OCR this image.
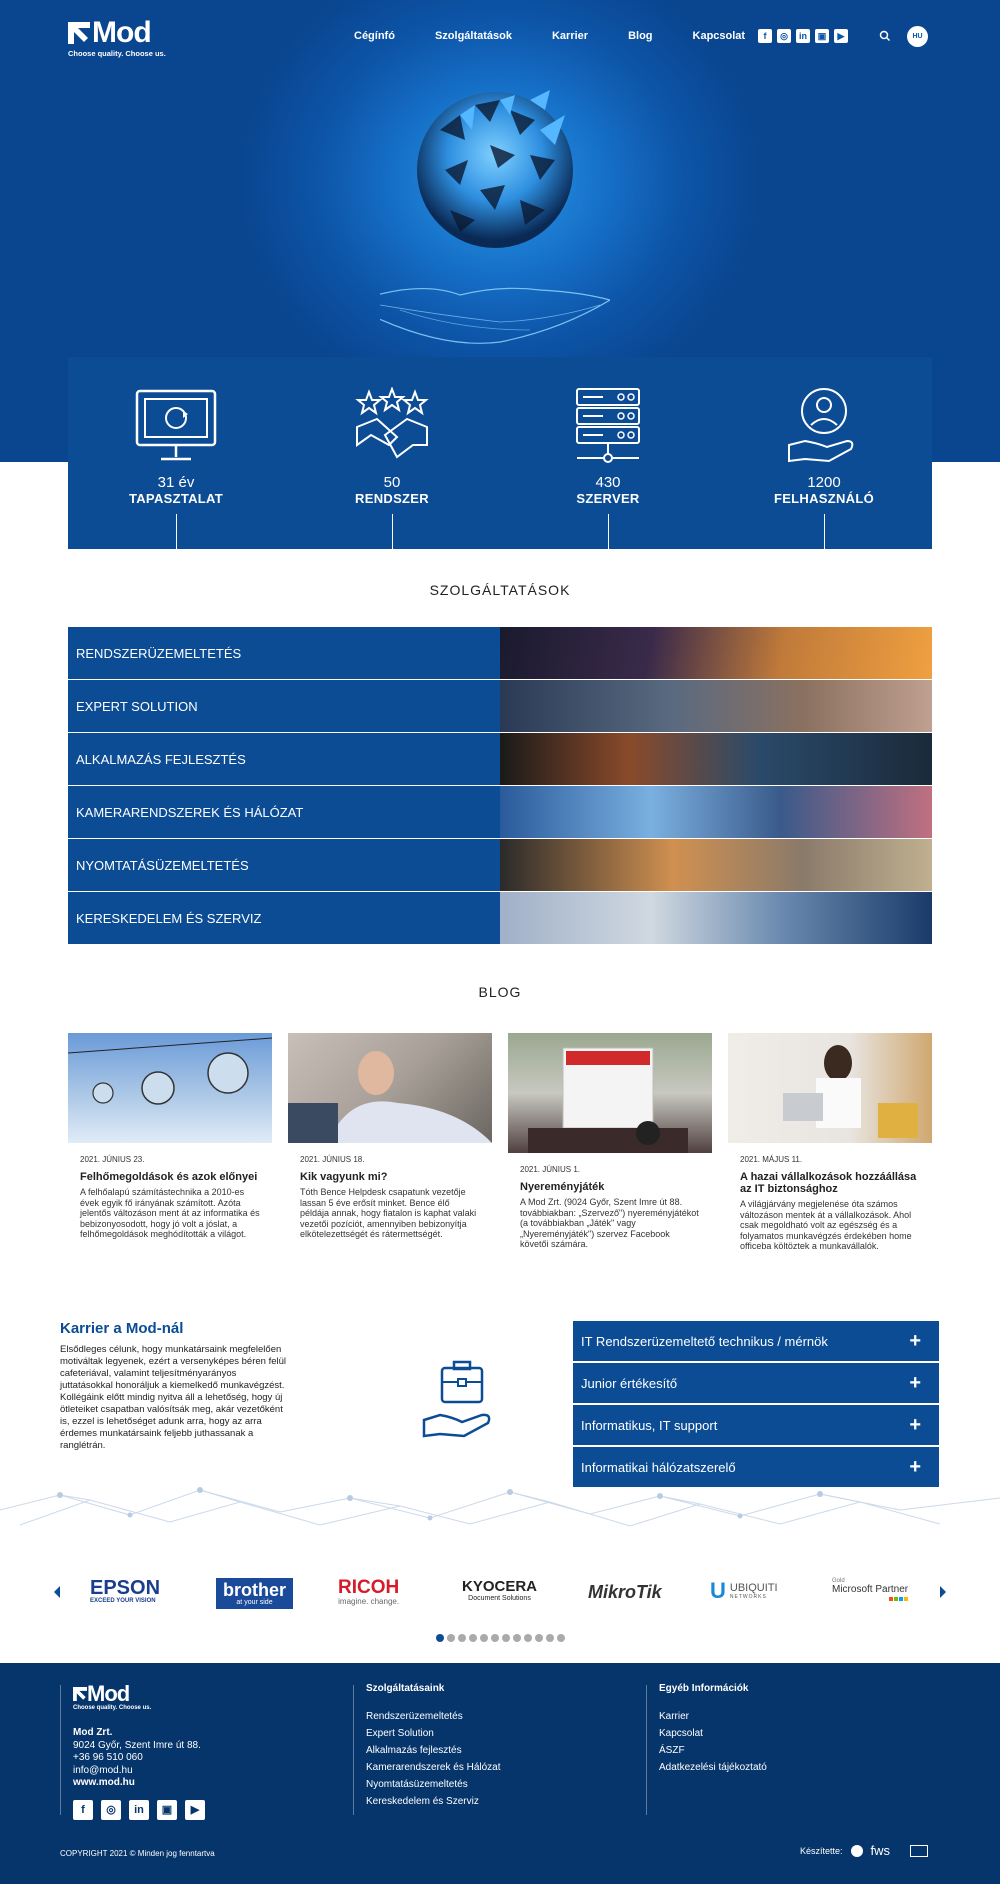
Mod
Choose quality. Choose us.
Cégínfó	Szolgáltatások	Karrier	Blog	Kapcsolat	f	◎	in	▣	▶	HU
31 év
TAPASZTALAT
50
RENDSZER
430
SZERVER
1200
FELHASZNÁLÓ
SZOLGÁLTATÁSOK
RENDSZERÜZEMELTETÉS
EXPERT SOLUTION
ALKALMAZÁS FEJLESZTÉS
KAMERARENDSZEREK ÉS HÁLÓZAT
NYOMTATÁSÜZEMELTETÉS
KERESKEDELEM ÉS SZERVIZ
BLOG
2021. JÚNIUS 23.
Felhőmegoldások és azok előnyei
A felhőalapú számítástechnika a 2010-es évek egyik fő irányának számított. Azóta jelentős változáson ment át az informatika és bebizonyosodott, hogy jó volt a jóslat, a felhőmegoldások meghódították a világot.
2021. JÚNIUS 18.
Kik vagyunk mi?
Tóth Bence Helpdesk csapatunk vezetője lassan 5 éve erősít minket. Bence élő példája annak, hogy fiatalon is kaphat valaki vezetői pozíciót, amennyiben bebizonyítja elkötelezettségét és rátermettségét.
2021. JÚNIUS 1.
Nyereményjáték
A Mod Zrt. (9024 Győr, Szent Imre út 88. továbbiakban: „Szervező") nyereményjátékot (a továbbiakban „Játék" vagy „Nyereményjáték") szervez Facebook követői számára.
2021. MÁJUS 11.
A hazai vállalkozások hozzáállása az IT biztonsághoz
A világjárvány megjelenése óta számos változáson mentek át a vállalkozások. Ahol csak megoldható volt az egészség és a folyamatos munkavégzés érdekében home officeba költöztek a munkavállalók.
Karrier a Mod-nál
Elsődleges célunk, hogy munkatársaink megfelelően motiváltak legyenek, ezért a versenyképes béren felül cafeteriával, valamint teljesítményarányos juttatásokkal honoráljuk a kiemelkedő munkavégzést. Kollégáink előtt mindig nyitva áll a lehetőség, hogy új ötleteiket csapatban valósítsák meg, akár vezetőként is, ezzel is lehetőséget adunk arra, hogy az arra érdemes munkatársaink feljebb juthassanak a ranglétrán.
IT Rendszerüzemeltető technikus / mérnök	+
Junior értékesítő	+
Informatikus, IT support	+
Informatikai hálózatszerelő	+
EPSON
EXCEED YOUR VISION
brother
at your side
RICOH
imagine. change.
KYOCERA
Document Solutions	MikroTik U UBIQUITI
NETWORKS
Gold
Microsoft Partner
Mod
Choose quality. Choose us.
Mod Zrt.
9024 Győr, Szent Imre út 88.
+36 96 510 060
info@mod.hu
www.mod.hu
f	◎	in	▣	▶
Szolgáltatásaink
Rendszerüzemeltetés
Expert Solution
Alkalmazás fejlesztés
Kamerarendszerek és Hálózat
Nyomtatásüzemeltetés
Kereskedelem és Szerviz
Egyéb Információk
Karrier
Kapcsolat
ÁSZF
Adatkezelési tájékoztató
COPYRIGHT 2021 © Minden jog fenntartva	Készítette: fws
